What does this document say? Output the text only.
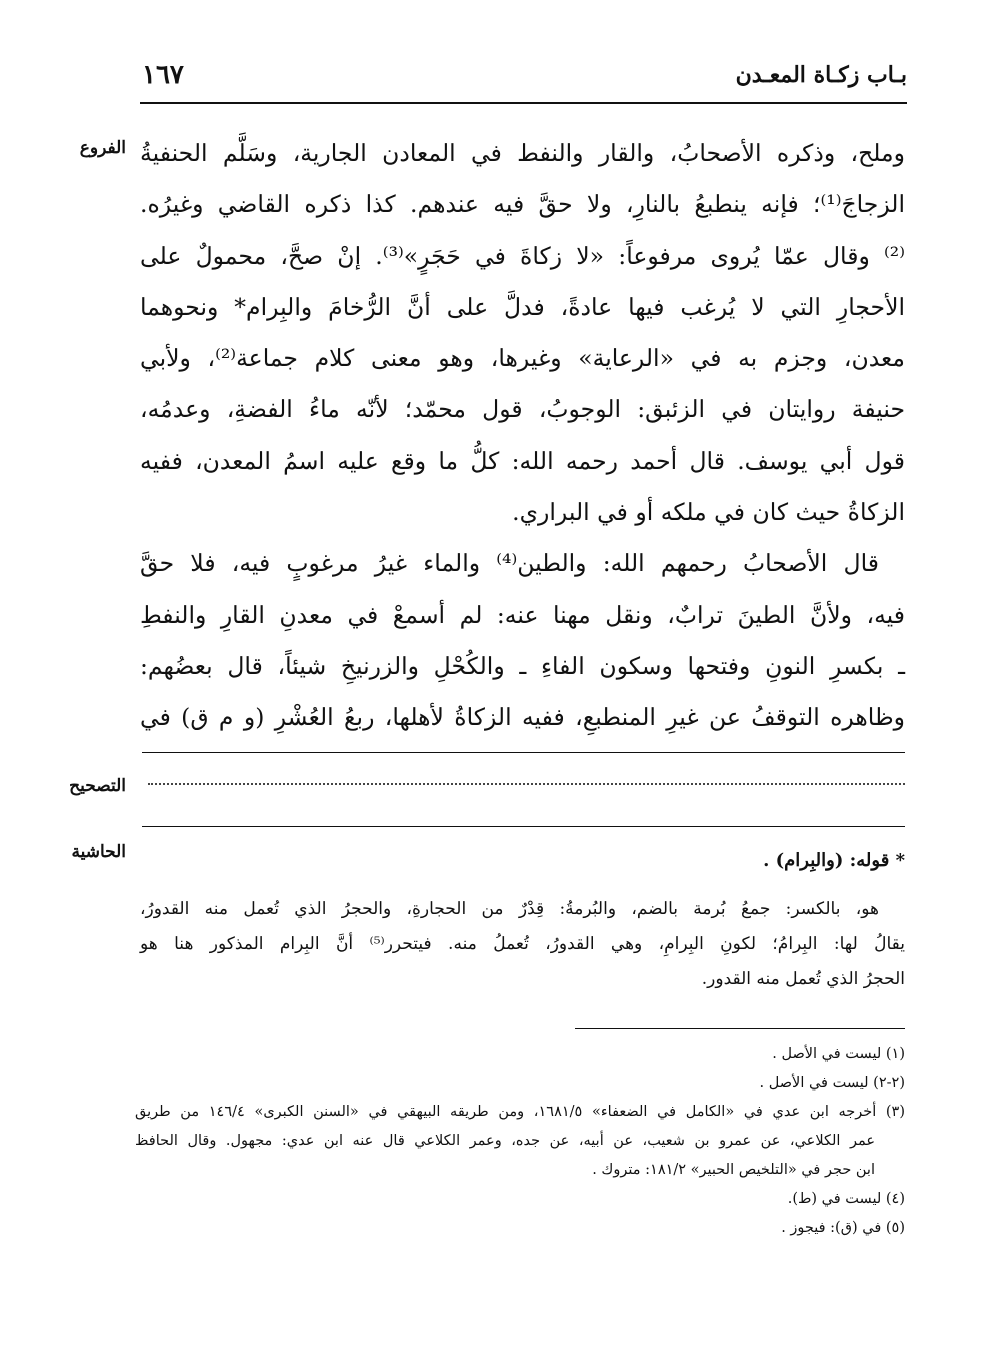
بـاب زكـاة المعـدن
١٦٧
الفروع
التصحيح
الحاشية

وملح، وذكره الأصحابُ، والقار والنفط في المعادن الجارية، وسَلَّم الحنفيةُ

الزجاجَ⁽¹⁾؛ فإنه ينطبعُ بالنارِ، ولا حقَّ فيه عندهم. كذا ذكره القاضي وغيرُه.

⁽²⁾ وقال عمّا يُروى مرفوعاً: «لا زكاةَ في حَجَرٍ»⁽³⁾. إنْ صحَّ، محمولٌ على

الأحجارِ التي لا يُرغب فيها عادةً، فدلَّ على أنَّ الرُّخامَ والبِرام* ونحوهما

معدن، وجزم به في «الرعاية» وغيرها، وهو معنى كلام جماعة⁽²⁾، ولأبي

حنيفة روايتان في الزئبق: الوجوبُ، قول محمّد؛ لأنّه ماءُ الفضةِ، وعدمُه،

قول أبي يوسف. قال أحمد رحمه الله: كلُّ ما وقع عليه اسمُ المعدن، ففيه

الزكاةُ حيث كان في ملكه أو في البراري.

قال الأصحابُ رحمهم الله: والطين⁽⁴⁾ والماء غيرُ مرغوبٍ فيه، فلا حقَّ

فيه، ولأنَّ الطينَ ترابٌ، ونقل مهنا عنه: لم أسمعْ في معدنِ القارِ والنفطِ

ـ بكسرِ النونِ وفتحها وسكون الفاءِ ـ والكُحْلِ والزرنيخِ شيئاً، قال بعضُهم:

وظاهره التوقفُ عن غيرِ المنطبعِ، ففيه الزكاةُ لأهلها، ربعُ العُشْرِ (و م ق) في

* قوله: (والبِرام) .

هو، بالكسر: جمعُ بُرمة بالضم، والبُرمةُ: قِدْرٌ من الحجارةِ، والحجرُ الذي تُعمل منه القدورُ،

يقالُ لها: البِرامُ؛ لكونِ البِرامِ، وهي القدورُ، تُعملُ منه. فيتحرر⁽⁵⁾ أنَّ البِرام المذكور هنا هو

الحجرُ الذي تُعمل منه القدور.

(١) ليست في الأصل .

(٢-٢) ليست في الأصل .

(٣) أخرجه ابن عدي في «الكامل في الضعفاء» ١٦٨١/٥، ومن طريقه البيهقي في «السنن الكبرى» ١٤٦/٤ من طريق

عمر الكلاعي، عن عمرو بن شعيب، عن أبيه، عن جده، وعمر الكلاعي قال عنه ابن عدي: مجهول. وقال الحافظ

ابن حجر في «التلخيص الحبير» ١٨١/٢: متروك .

(٤) ليست في (ط).

(٥) في (ق): فيجوز .
